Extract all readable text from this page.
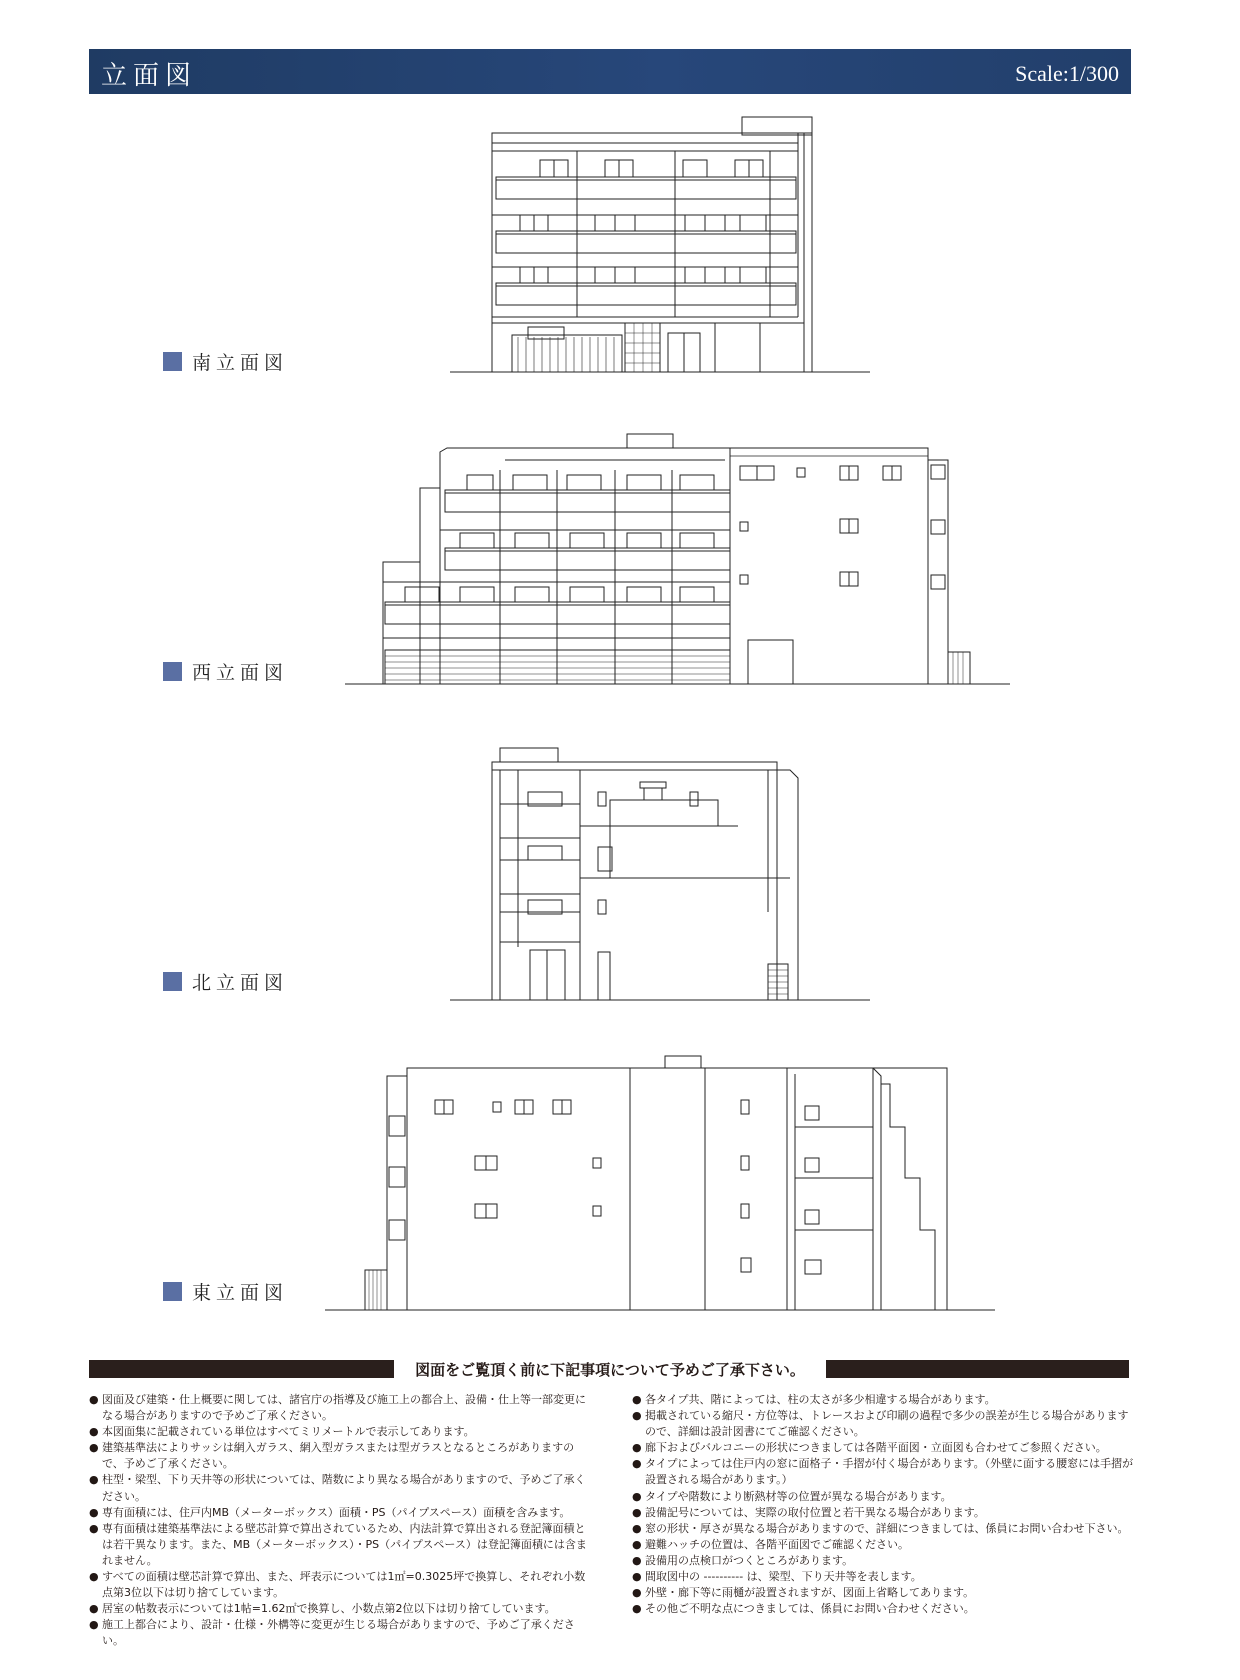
立面図	Scale:1/300
南立面図
西立面図
北立面図
東立面図
図面をご覧頂く前に下記事項について予めご了承下さい。

● 図面及び建築・仕上概要に関しては、諸官庁の指導及び施工上の都合上、設備・仕上等一部変更になる場合がありますので予めご了承ください。

● 本図面集に記載されている単位はすべてミリメートルで表示してあります。

● 建築基準法によりサッシは網入ガラス、網入型ガラスまたは型ガラスとなるところがありますので、予めご了承ください。

● 柱型・梁型、下り天井等の形状については、階数により異なる場合がありますので、予めご了承ください。

● 専有面積には、住戸内MB（メーターボックス）面積・PS（パイプスペース）面積を含みます。

● 専有面積は建築基準法による壁芯計算で算出されているため、内法計算で算出される登記簿面積とは若干異なります。また、MB（メーターボックス）・PS（パイプスペース）は登記簿面積には含まれません。

● すべての面積は壁芯計算で算出、また、坪表示については1㎡=0.3025坪で換算し、それぞれ小数点第3位以下は切り捨てしています。

● 居室の帖数表示については1帖=1.62㎡で換算し、小数点第2位以下は切り捨てしています。

● 施工上都合により、設計・仕様・外構等に変更が生じる場合がありますので、予めご了承ください。

● 各タイプ共、階によっては、柱の太さが多少相違する場合があります。

● 掲載されている縮尺・方位等は、トレースおよび印刷の過程で多少の誤差が生じる場合がありますので、詳細は設計図書にてご確認ください。

● 廊下およびバルコニーの形状につきましては各階平面図・立面図も合わせてご参照ください。

● タイプによっては住戸内の窓に面格子・手摺が付く場合があります。（外壁に面する腰窓には手摺が設置される場合があります。）

● タイプや階数により断熱材等の位置が異なる場合があります。

● 設備記号については、実際の取付位置と若干異なる場合があります。

● 窓の形状・厚さが異なる場合がありますので、詳細につきましては、係員にお問い合わせ下さい。

● 避難ハッチの位置は、各階平面図でご確認ください。

● 設備用の点検口がつくところがあります。

● 間取図中の ---------- は、梁型、下り天井等を表します。

● 外壁・廊下等に雨樋が設置されますが、図面上省略してあります。

● その他ご不明な点につきましては、係員にお問い合わせください。
